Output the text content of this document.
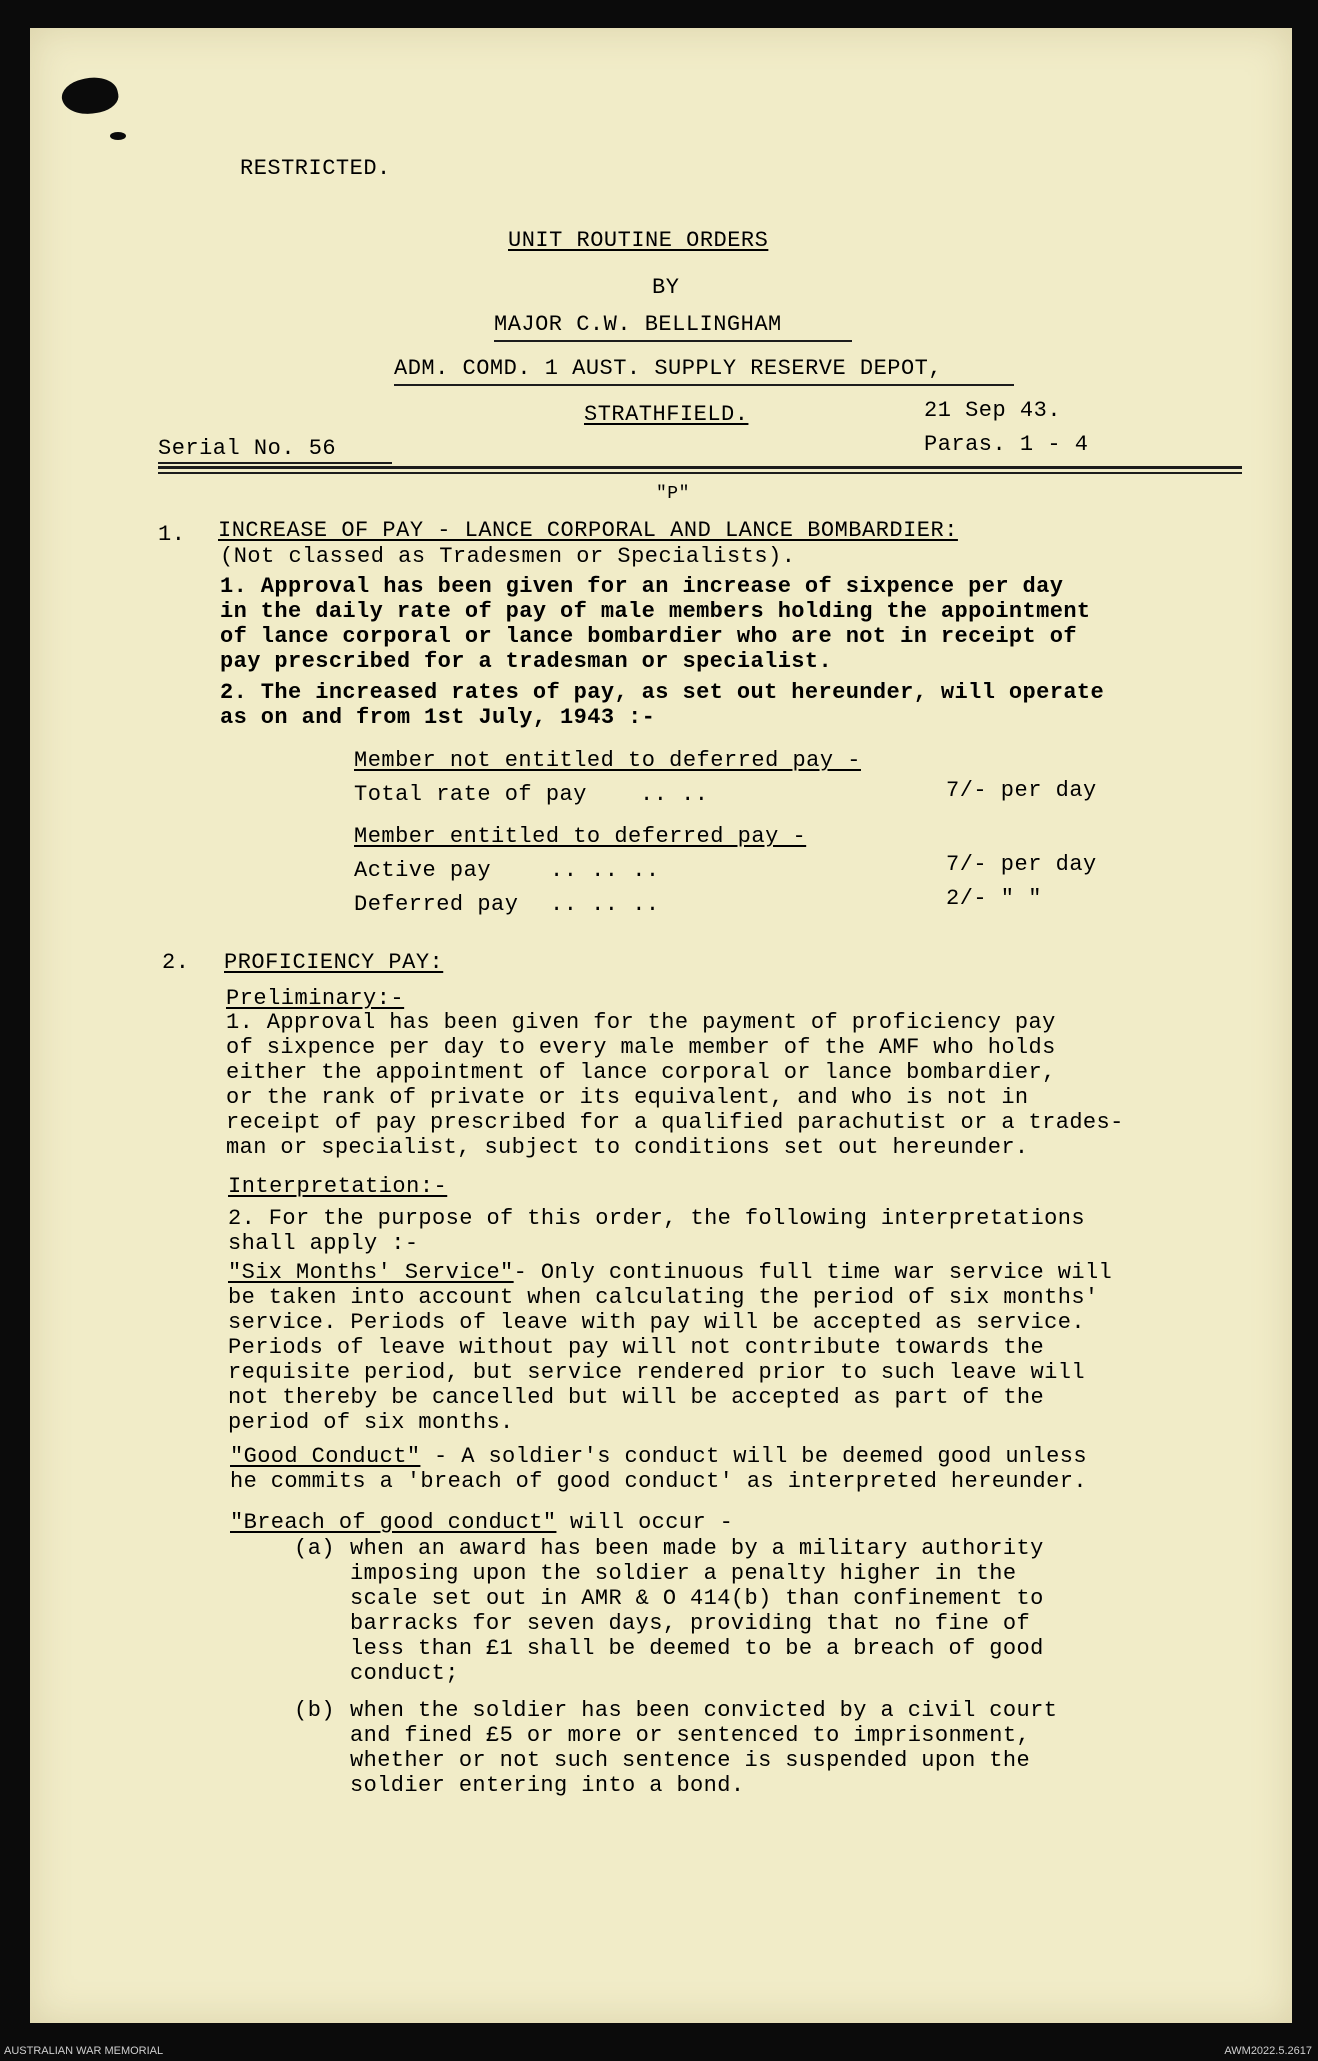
RESTRICTED.
UNIT ROUTINE ORDERS
BY
MAJOR C.W. BELLINGHAM
ADM. COMD. 1 AUST. SUPPLY RESERVE DEPOT,
STRATHFIELD.	21 Sep 43.
Serial No. 56	Paras. 1 - 4
"P"
1. INCREASE OF PAY - LANCE CORPORAL AND LANCE BOMBARDIER:
(Not classed as Tradesmen or Specialists).
1. Approval has been given for an increase of sixpence per day
in the daily rate of pay of male members holding the appointment
of lance corporal or lance bombardier who are not in receipt of
pay prescribed for a tradesman or specialist.
2. The increased rates of pay, as set out hereunder, will operate
as on and from 1st July, 1943 :-
Member not entitled to deferred pay -
Total rate of pay .. ..	7/- per day
Member entitled to deferred pay -
Active pay	.. .. ..	7/- per day
Deferred pay .. .. ..	2/- " "
2. PROFICIENCY PAY:
Preliminary:-
1. Approval has been given for the payment of proficiency pay
of sixpence per day to every male member of the AMF who holds
either the appointment of lance corporal or lance bombardier,
or the rank of private or its equivalent, and who is not in
receipt of pay prescribed for a qualified parachutist or a trades-
man or specialist, subject to conditions set out hereunder.
Interpretation:-
2. For the purpose of this order, the following interpretations
shall apply :-
"Six Months' Service"- Only continuous full time war service will
be taken into account when calculating the period of six months'
service. Periods of leave with pay will be accepted as service.
Periods of leave without pay will not contribute towards the
requisite period, but service rendered prior to such leave will
not thereby be cancelled but will be accepted as part of the
period of six months.
"Good Conduct" - A soldier's conduct will be deemed good unless
he commits a 'breach of good conduct' as interpreted hereunder.
"Breach of good conduct" will occur -
(a) when an award has been made by a military authority
imposing upon the soldier a penalty higher in the
scale set out in AMR & O 414(b) than confinement to
barracks for seven days, providing that no fine of
less than £1 shall be deemed to be a breach of good
conduct;
(b) when the soldier has been convicted by a civil court
and fined £5 or more or sentenced to imprisonment,
whether or not such sentence is suspended upon the
soldier entering into a bond.
AUSTRALIAN WAR MEMORIAL	AWM2022.5.2617
